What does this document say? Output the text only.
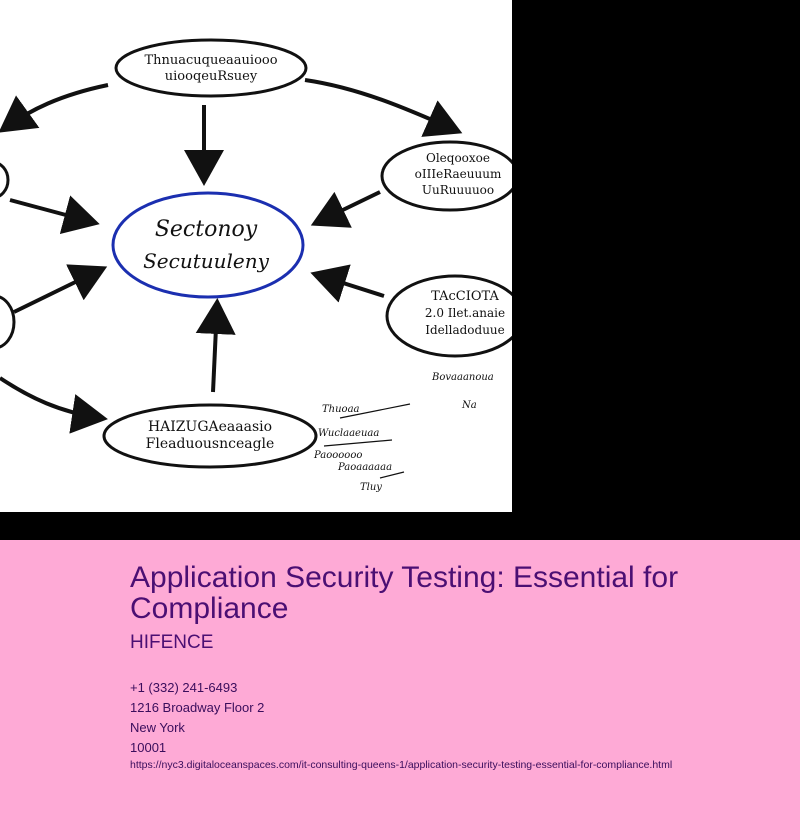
Thnuacuqueaauiooo
uiooqeuRsuey
Oleqooxoe
oIIIeRaeuuum
UuRuuuuoo
TAcCIOTA
2.0 Ilet.anaie
Idelladoduue
HAIZUGAeaaasio
Fleaduousnceagle
Sectonoy
Secutuuleny
Thuoaa
Bovaaanoua
Wuclaaeuaa
Paoooooo
Tluy
Paoaaaaaa
Na
Application Security Testing: Essential for Compliance
HIFENCE
+1 (332) 241-6493
1216 Broadway Floor 2
New York
10001
https://nyc3.digitaloceanspaces.com/it-consulting-queens-1/application-security-testing-essential-for-compliance.html
